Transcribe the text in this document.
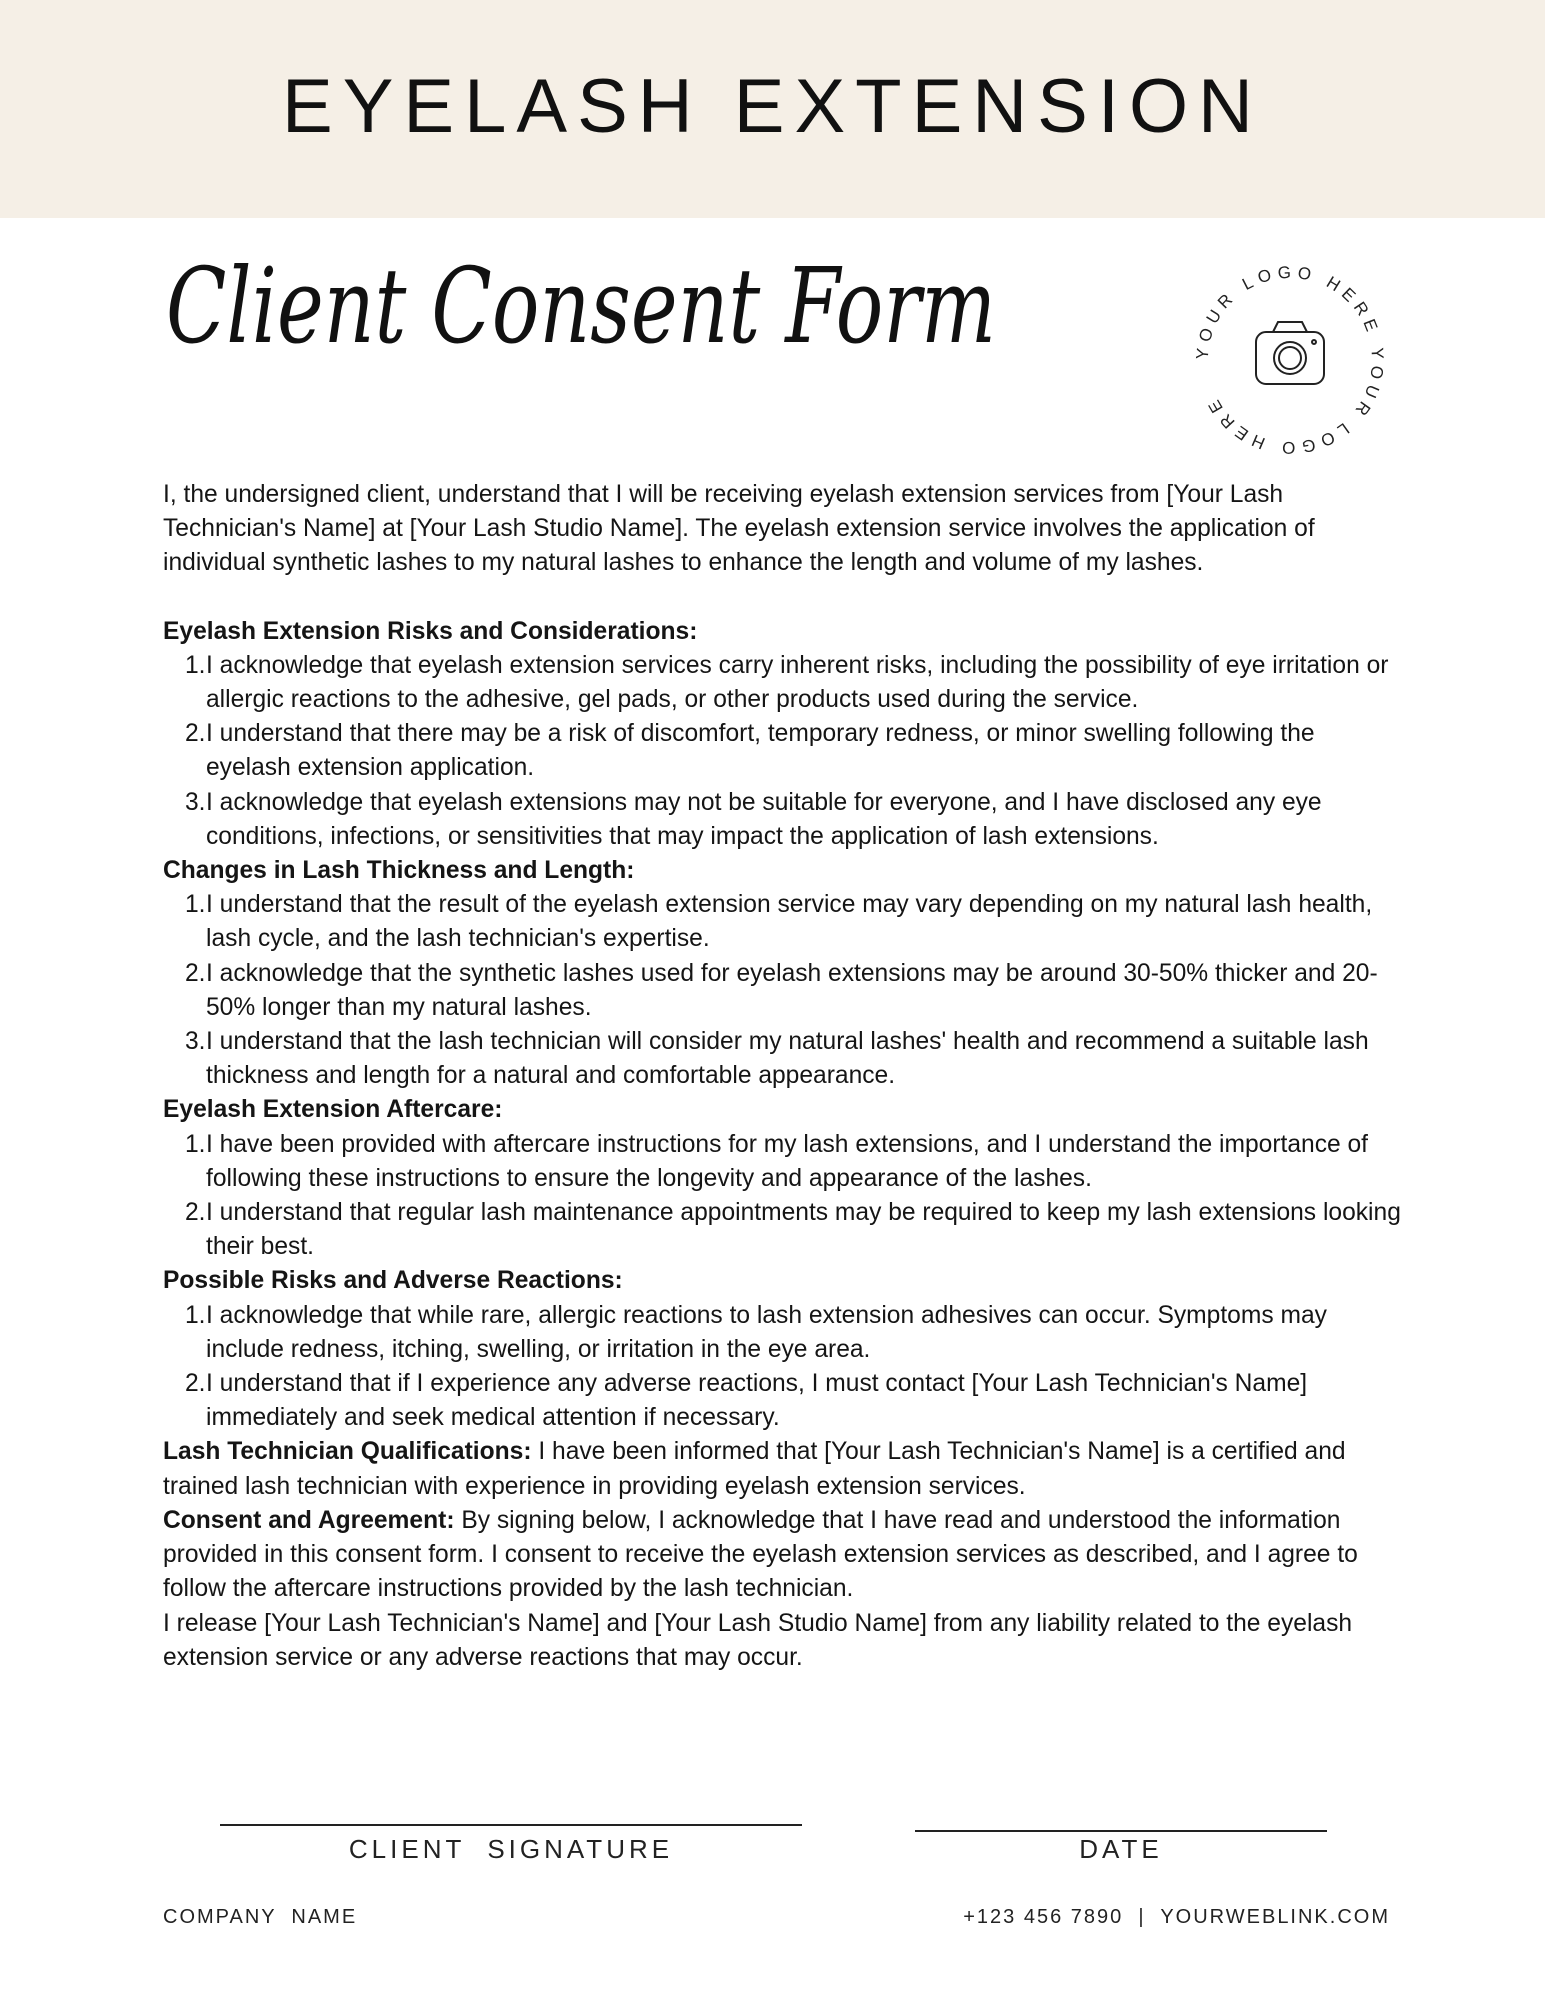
EYELASH EXTENSION
Client Consent Form	YOUR LOGO HERE YOUR LOGO HERE

I, the undersigned client, understand that I will be receiving eyelash extension services from [Your Lash Technician's Name] at [Your Lash Studio Name]. The eyelash extension service involves the application of individual synthetic lashes to my natural lashes to enhance the length and volume of my lashes.

Eyelash Extension Risks and Considerations:

1. I acknowledge that eyelash extension services carry inherent risks, including the possibility of eye irritation or allergic reactions to the adhesive, gel pads, or other products used during the service.
2. I understand that there may be a risk of discomfort, temporary redness, or minor swelling following the eyelash extension application.
3. I acknowledge that eyelash extensions may not be suitable for everyone, and I have disclosed any eye conditions, infections, or sensitivities that may impact the application of lash extensions.

Changes in Lash Thickness and Length:

1. I understand that the result of the eyelash extension service may vary depending on my natural lash health, lash cycle, and the lash technician's expertise.
2. I acknowledge that the synthetic lashes used for eyelash extensions may be around 30-50% thicker and 20-50% longer than my natural lashes.
3. I understand that the lash technician will consider my natural lashes' health and recommend a suitable lash thickness and length for a natural and comfortable appearance.

Eyelash Extension Aftercare:

1. I have been provided with aftercare instructions for my lash extensions, and I understand the importance of following these instructions to ensure the longevity and appearance of the lashes.
2. I understand that regular lash maintenance appointments may be required to keep my lash extensions looking their best.

Possible Risks and Adverse Reactions:

1. I acknowledge that while rare, allergic reactions to lash extension adhesives can occur. Symptoms may include redness, itching, swelling, or irritation in the eye area.
2. I understand that if I experience any adverse reactions, I must contact [Your Lash Technician's Name] immediately and seek medical attention if necessary.

Lash Technician Qualifications: I have been informed that [Your Lash Technician's Name] is a certified and trained lash technician with experience in providing eyelash extension services.

Consent and Agreement: By signing below, I acknowledge that I have read and understood the information provided in this consent form. I consent to receive the eyelash extension services as described, and I agree to follow the aftercare instructions provided by the lash technician.

I release [Your Lash Technician's Name] and [Your Lash Studio Name] from any liability related to the eyelash extension service or any adverse reactions that may occur.

CLIENT  SIGNATURE	DATE
COMPANY  NAME	+123 456 7890  |  YOURWEBLINK.COM
